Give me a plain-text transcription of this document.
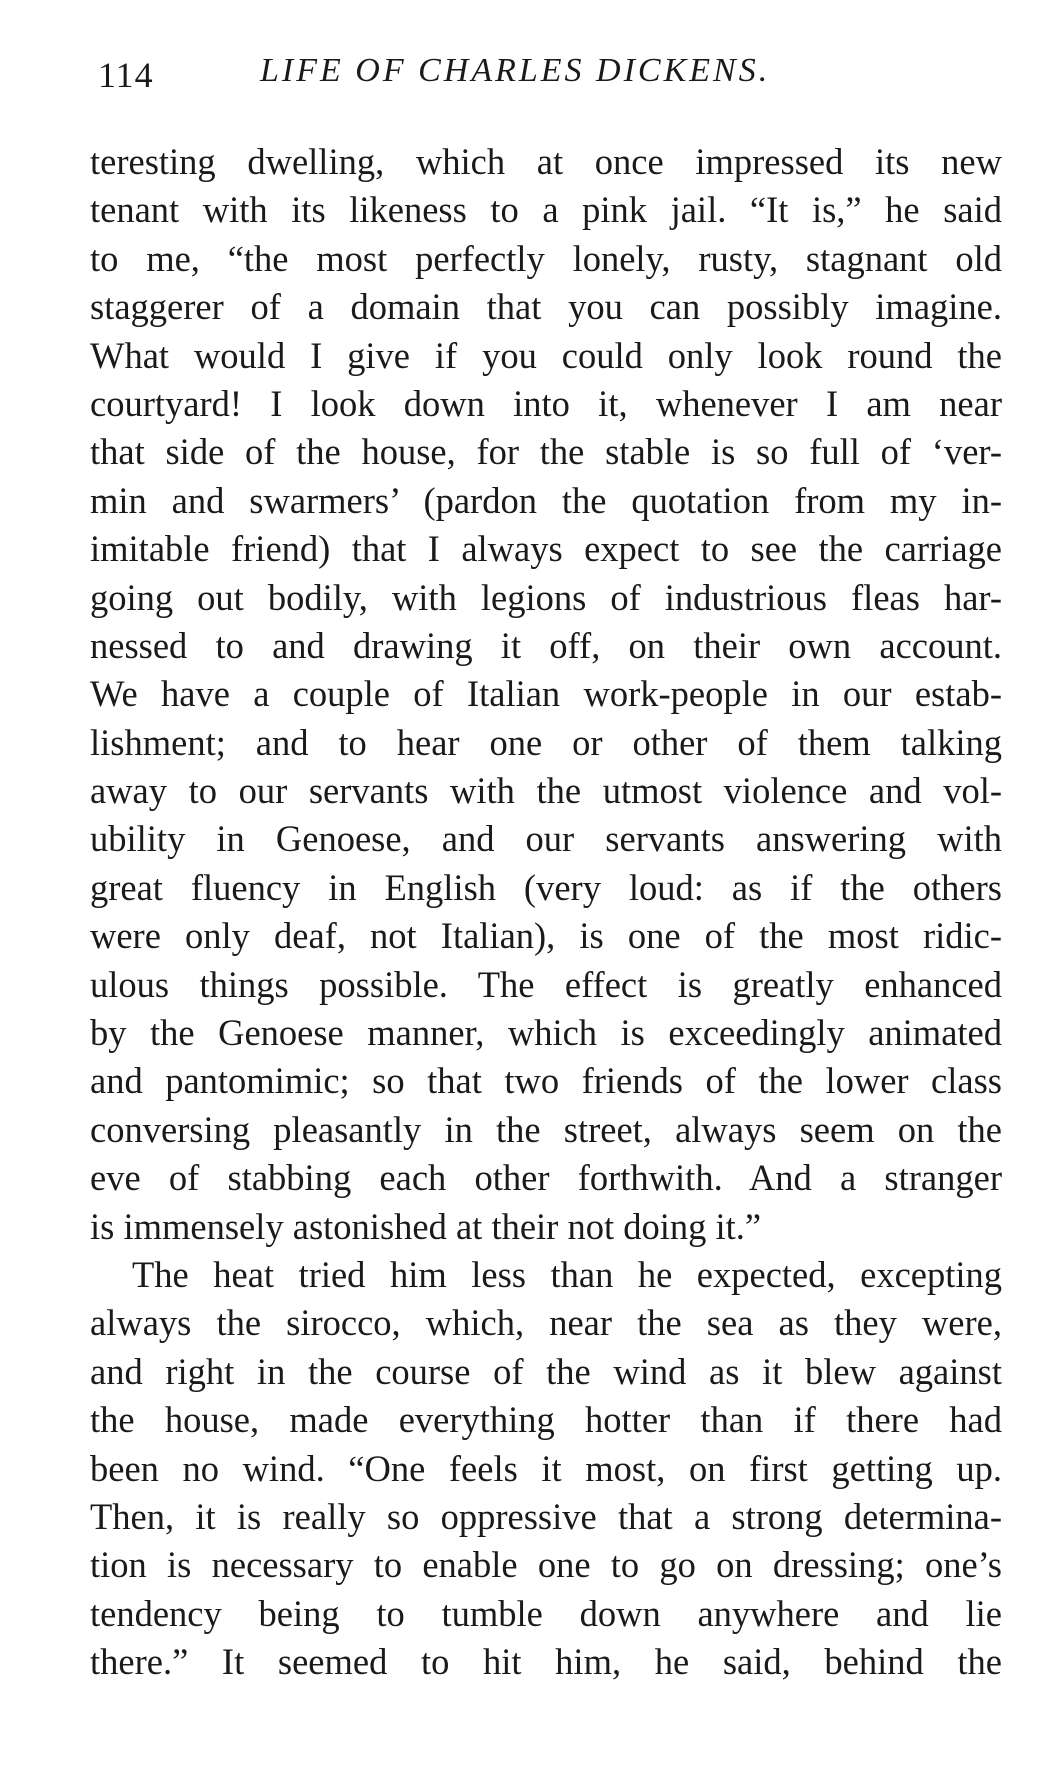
114	LIFE OF CHARLES DICKENS.
teresting dwelling, which at once impressed its new
tenant with its likeness to a pink jail. “It is,” he said
to me, “the most perfectly lonely, rusty, stagnant old
staggerer of a domain that you can possibly imagine.
What would I give if you could only look round the
courtyard! I look down into it, whenever I am near
that side of the house, for the stable is so full of ‘ver-
min and swarmers’ (pardon the quotation from my in-
imitable friend) that I always expect to see the carriage
going out bodily, with legions of industrious fleas har-
nessed to and drawing it off, on their own account.
We have a couple of Italian work-people in our estab-
lishment; and to hear one or other of them talking
away to our servants with the utmost violence and vol-
ubility in Genoese, and our servants answering with
great fluency in English (very loud: as if the others
were only deaf, not Italian), is one of the most ridic-
ulous things possible. The effect is greatly enhanced
by the Genoese manner, which is exceedingly animated
and pantomimic; so that two friends of the lower class
conversing pleasantly in the street, always seem on the
eve of stabbing each other forthwith. And a stranger
is immensely astonished at their not doing it.”
The heat tried him less than he expected, excepting
always the sirocco, which, near the sea as they were,
and right in the course of the wind as it blew against
the house, made everything hotter than if there had
been no wind. “One feels it most, on first getting up.
Then, it is really so oppressive that a strong determina-
tion is necessary to enable one to go on dressing; one’s
tendency being to tumble down anywhere and lie
there.” It seemed to hit him, he said, behind the
